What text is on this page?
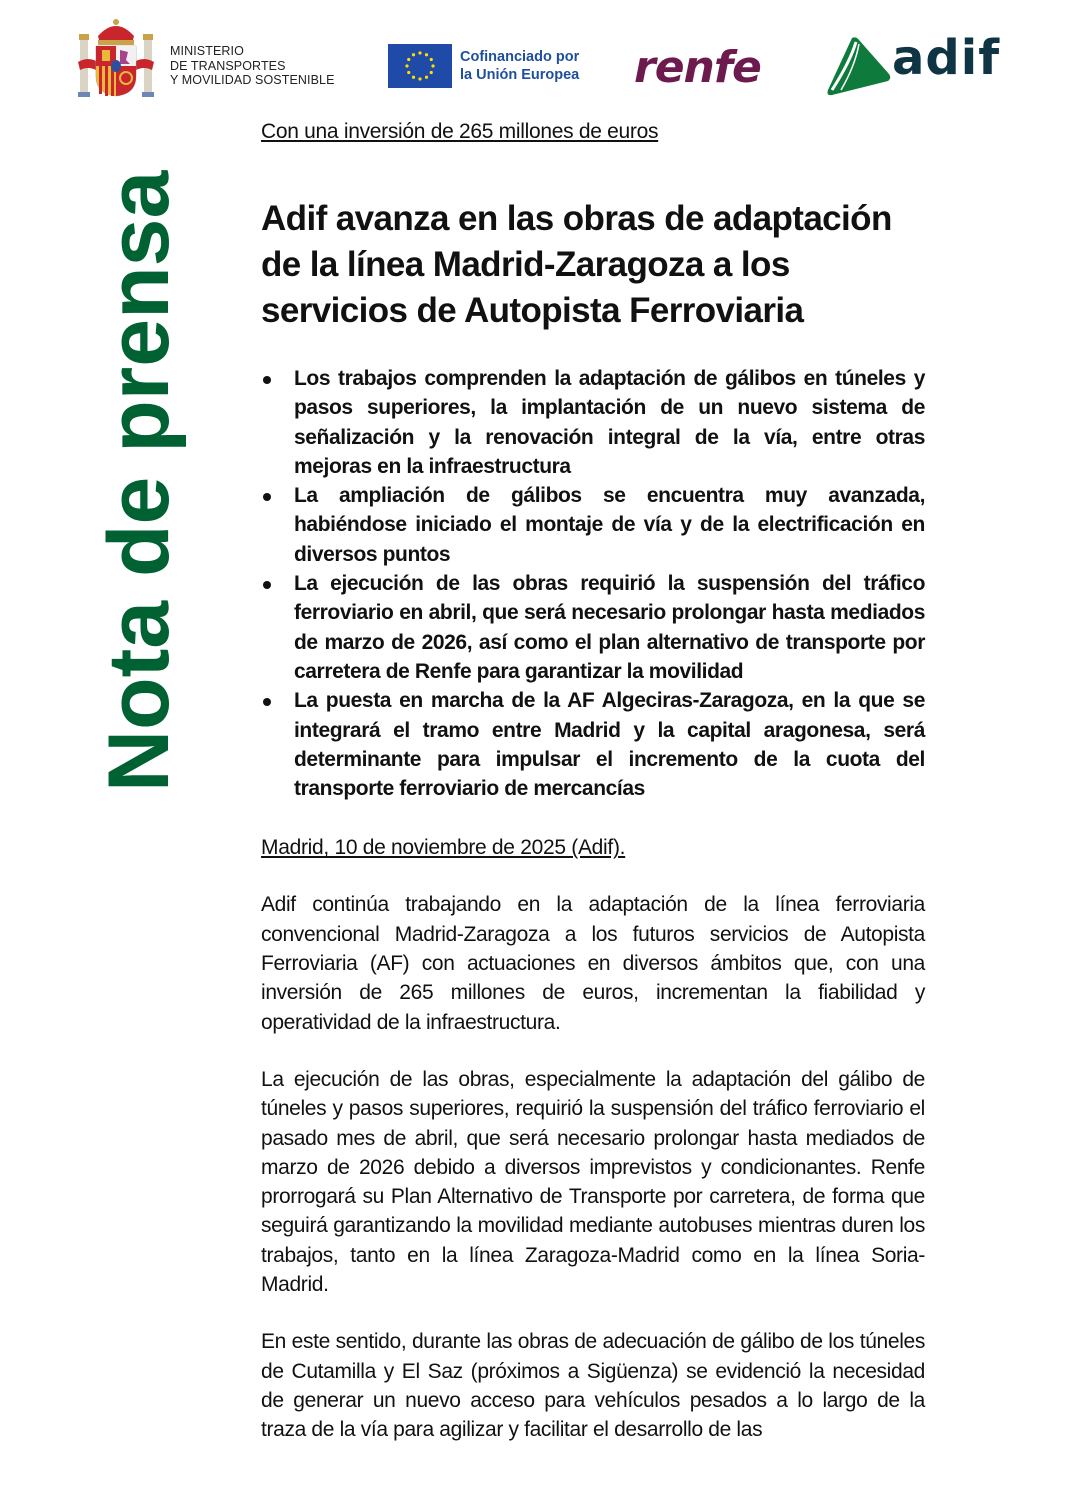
MINISTERIO
DE TRANSPORTES
Y MOVILIDAD SOSTENIBLE
Cofinanciado por
la Unión Europea renfe	adif
Nota de prensa

Con una inversión de 265 millones de euros

Adif avanza en las obras de adaptación de la línea Madrid-Zaragoza a los servicios de Autopista Ferroviaria
Los trabajos comprenden la adaptación de gálibos en túneles y pasos superiores, la implantación de un nuevo sistema de señalización y la renovación integral de la vía, entre otras mejoras en la infraestructura
La ampliación de gálibos se encuentra muy avanzada, habiéndose iniciado el montaje de vía y de la electrificación en diversos puntos
La ejecución de las obras requirió la suspensión del tráfico ferroviario en abril, que será necesario prolongar hasta mediados de marzo de 2026, así como el plan alternativo de transporte por carretera de Renfe para garantizar la movilidad
La puesta en marcha de la AF Algeciras-Zaragoza, en la que se integrará el tramo entre Madrid y la capital aragonesa, será determinante para impulsar el incremento de la cuota del transporte ferroviario de mercancías

Madrid, 10 de noviembre de 2025 (Adif).

Adif continúa trabajando en la adaptación de la línea ferroviaria convencional Madrid-Zaragoza a los futuros servicios de Autopista Ferroviaria (AF) con actuaciones en diversos ámbitos que, con una inversión de 265 millones de euros, incrementan la fiabilidad y operatividad de la infraestructura.

La ejecución de las obras, especialmente la adaptación del gálibo de túneles y pasos superiores, requirió la suspensión del tráfico ferroviario el pasado mes de abril, que será necesario prolongar hasta mediados de marzo de 2026 debido a diversos imprevistos y condicionantes. Renfe prorrogará su Plan Alternativo de Transporte por carretera, de forma que seguirá garantizando la movilidad mediante autobuses mientras duren los trabajos, tanto en la línea Zaragoza-Madrid como en la línea Soria-Madrid.

En este sentido, durante las obras de adecuación de gálibo de los túneles de Cutamilla y El Saz (próximos a Sigüenza) se evidenció la necesidad de generar un nuevo acceso para vehículos pesados a lo largo de la traza de la vía para agilizar y facilitar el desarrollo de las
